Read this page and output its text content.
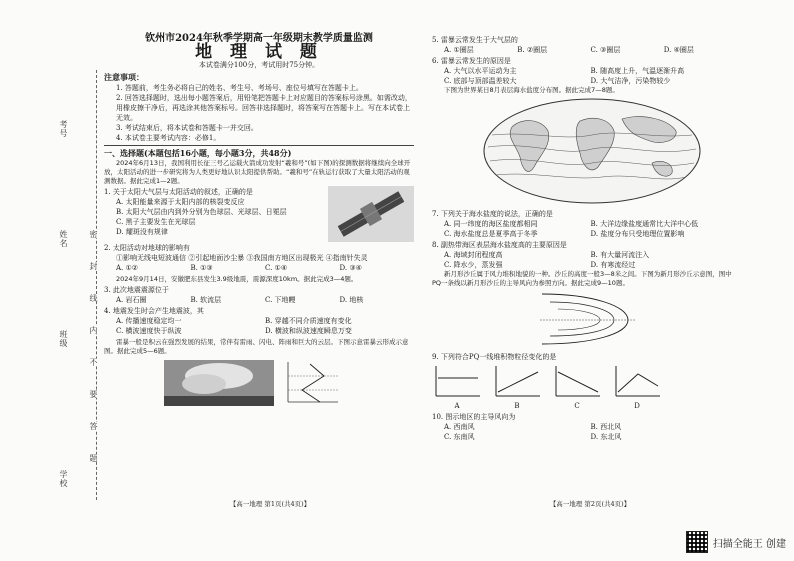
考号
姓名
班级
学校
密
封
线
内
不
要
答
题
钦州市2024年秋季学期高一年级期末教学质量监测
地 理 试 题
本试卷满分100分，考试用时75分钟。
注意事项：
1. 答题前，考生务必将自己的姓名、考生号、考场号、座位号填写在答题卡上。
2. 回答选择题时，选出每小题答案后，用铅笔把答题卡上对应题目的答案标号涂黑。如需改动，用橡皮擦干净后，再选涂其他答案标号。回答非选择题时，将答案写在答题卡上。写在本试卷上无效。
3. 考试结束后，将本试卷和答题卡一并交回。
4. 本试卷主要考试内容：必修1。
一、选择题(本题包括16小题，每小题3分，共48分)
2024年6月13日，我国利用长征三号乙运载火箭成功发射“羲和号”(如下图)的探测数据将继续向全球开放，太阳活动的进一步研究将为人类更好地认识太阳提供帮助。“羲和号”在轨运行获取了大量太阳活动的观测数据。据此完成1—2题。
1. 关于太阳大气层与太阳活动的叙述，正确的是
A. 太阳能量来源于太阳内部的核裂变反应
B. 太阳大气层由内到外分别为色球层、光球层、日冕层
C. 黑子主要发生在光球层
D. 耀斑没有规律
2. 太阳活动对地球的影响有
①影响无线电短波通信 ②引起地面沙尘暴 ③我国南方地区出现极光 ④指南针失灵
A. ①②	B. ①③	C. ①④	D. ③④
2024年9月14日，安徽肥东县发生3.9级地震，震源深度10km。据此完成3—4题。
3. 此次地震震源位于
A. 岩石圈	B. 软流层	C. 下地幔	D. 地核
4. 地震发生时会产生地震波，其
A. 传播速度稳定均一	B. 穿越不同介质速度有变化
C. 横波速度快于纵波	D. 横波和纵波速度瞬息万变
雷暴一般是积云在强烈发展的结果，常伴有雷雨、闪电、阵雨和巨大的云层。下图示意雷暴云形成示意图。据此完成5—6题。
5. 雷暴云常发生于大气层的
A. ①圈层	B. ②圈层	C. ③圈层	D. ④圈层
6. 雷暴云常发生的原因是
A. 大气以水平运动为主	B. 随高度上升，气温逐渐升高
C. 底部与顶部温差较大	D. 大气洁净，污染物较少
下图为世界某日8月表层海水盐度分布图。据此完成7—8题。
7. 下列关于海水盐度的说法，正确的是
A. 同一纬度的海区盐度都相同	B. 大洋边缘盐度通常比大洋中心低
C. 海水盐度总是夏季高于冬季	D. 盐度分布只受地理位置影响
8. 副热带海区表层海水盐度高的主要原因是
A. 海域封闭程度高	B. 有大量河流注入
C. 降水少，蒸发强	D. 有寒流经过
新月形沙丘属于风力堆积地貌的一种。沙丘的高度一般3—8米之间。下图为新月形沙丘示意图，图中PQ一条线以新月形沙丘的主导风向为参照方向。据此完成9—10题。
9. 下列符合PQ一线堆积物粒径变化的是
A	B	C	D
10. 图示地区的主导风向为
A. 西南风	B. 西北风
C. 东南风	D. 东北风
【高一地理 第1页(共4页)】	【高一地理 第2页(共4页)】
扫描全能王 创建
